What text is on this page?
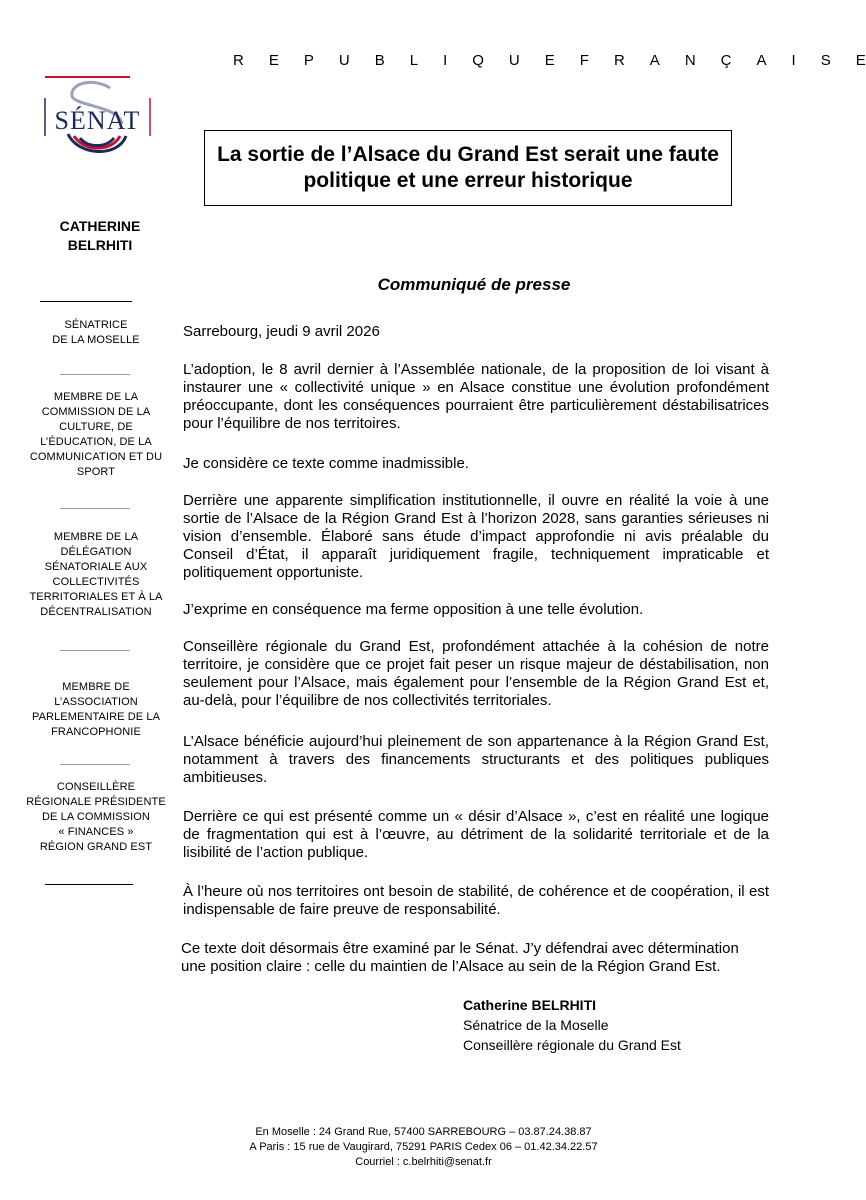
R E P U B L I Q U E F R A N Ç A I S E
SÉNAT
CATHERINE
BELRHITI
SÉNATRICE
DE LA MOSELLE
MEMBRE DE LA
COMMISSION DE LA
CULTURE, DE
L’ÉDUCATION, DE LA
COMMUNICATION ET DU
SPORT
MEMBRE DE LA
DÉLÉGATION
SÉNATORIALE AUX
COLLECTIVITÉS
TERRITORIALES ET À LA
DÉCENTRALISATION
MEMBRE DE
L’ASSOCIATION
PARLEMENTAIRE DE LA
FRANCOPHONIE
CONSEILLÈRE
RÉGIONALE PRÉSIDENTE
DE LA COMMISSION
« FINANCES »
RÉGION GRAND EST
La sortie de l’Alsace du Grand Est serait une faute politique et une erreur historique
Communiqué de presse
Sarrebourg, jeudi 9 avril 2026
L’adoption, le 8 avril dernier à l’Assemblée nationale, de la proposition de loi visant à instaurer une « collectivité unique » en Alsace constitue une évolution profondément préoccupante, dont les conséquences pourraient être particulièrement déstabilisatrices pour l’équilibre de nos territoires.
Je considère ce texte comme inadmissible.
Derrière une apparente simplification institutionnelle, il ouvre en réalité la voie à une sortie de l’Alsace de la Région Grand Est à l’horizon 2028, sans garanties sérieuses ni vision d’ensemble. Élaboré sans étude d’impact approfondie ni avis préalable du Conseil d’État, il apparaît juridiquement fragile, techniquement impraticable et politiquement opportuniste.
J’exprime en conséquence ma ferme opposition à une telle évolution.
Conseillère régionale du Grand Est, profondément attachée à la cohésion de notre territoire, je considère que ce projet fait peser un risque majeur de déstabilisation, non seulement pour l’Alsace, mais également pour l’ensemble de la Région Grand Est et, au-delà, pour l’équilibre de nos collectivités territoriales.
L’Alsace bénéficie aujourd’hui pleinement de son appartenance à la Région Grand Est, notamment à travers des financements structurants et des politiques publiques ambitieuses.
Derrière ce qui est présenté comme un « désir d’Alsace », c’est en réalité une logique de fragmentation qui est à l’œuvre, au détriment de la solidarité territoriale et de la lisibilité de l’action publique.
À l’heure où nos territoires ont besoin de stabilité, de cohérence et de coopération, il est indispensable de faire preuve de responsabilité.
Ce texte doit désormais être examiné par le Sénat. J’y défendrai avec détermination une position claire : celle du maintien de l’Alsace au sein de la Région Grand Est.
Catherine BELRHITI
Sénatrice de la Moselle
Conseillère régionale du Grand Est
En Moselle : 24 Grand Rue, 57400 SARREBOURG – 03.87.24.38.87
A Paris : 15 rue de Vaugirard, 75291 PARIS Cedex 06 – 01.42.34.22.57
Courriel : c.belrhiti@senat.fr
